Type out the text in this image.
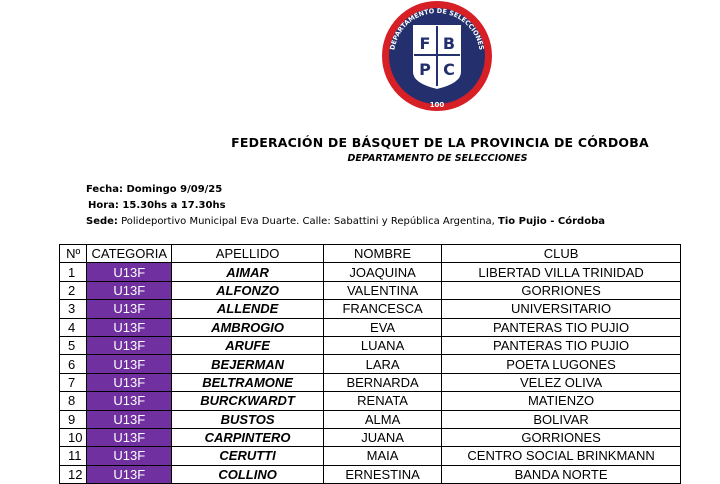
DEPARTAMENTO DE SELECCIONES
F B
P C
100
FEDERACIÓN DE BÁSQUET DE LA PROVINCIA DE CÓRDOBA
DEPARTAMENTO DE SELECCIONES
Fecha: Domingo 9/09/25
Hora: 15.30hs a 17.30hs
Sede: Polideportivo Municipal Eva Duarte. Calle: Sabattini y República Argentina, Tio Pujio - Córdoba
Nº	CATEGORIA	APELLIDO	NOMBRE	CLUB
1	U13F	AIMAR	JOAQUINA	LIBERTAD VILLA TRINIDAD
2	U13F	ALFONZO	VALENTINA	GORRIONES
3	U13F	ALLENDE	FRANCESCA	UNIVERSITARIO
4	U13F	AMBROGIO	EVA	PANTERAS TIO PUJIO
5	U13F	ARUFE	LUANA	PANTERAS TIO PUJIO
6	U13F	BEJERMAN	LARA	POETA LUGONES
7	U13F	BELTRAMONE	BERNARDA	VELEZ OLIVA
8	U13F	BURCKWARDT	RENATA	MATIENZO
9	U13F	BUSTOS	ALMA	BOLIVAR
10	U13F	CARPINTERO	JUANA	GORRIONES
11	U13F	CERUTTI	MAIA	CENTRO SOCIAL BRINKMANN
12	U13F	COLLINO	ERNESTINA	BANDA NORTE
